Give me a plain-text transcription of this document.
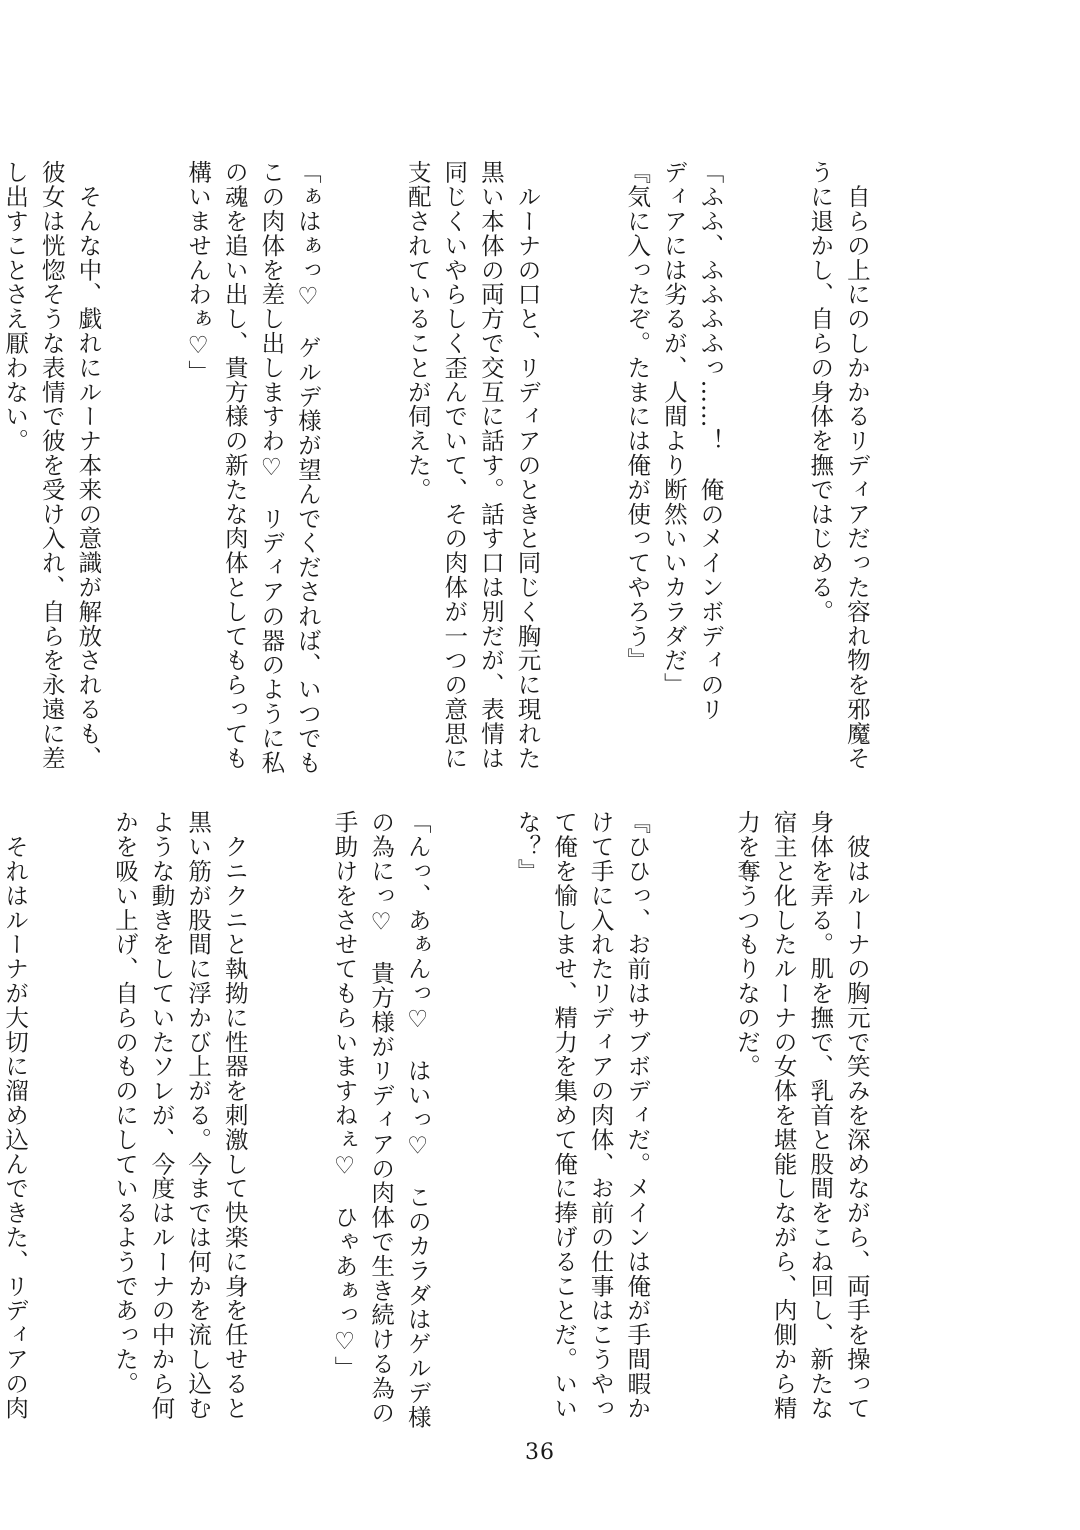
　自らの上にのしかかるリディアだった容れ物を邪魔そ
うに退かし、自らの身体を撫ではじめる。

「ふふ、ふふふふっ……！　俺のメインボディのリ
ディアには劣るが、人間より断然いいカラダだ」
『気に入ったぞ。たまには俺が使ってやろう』

　ルーナの口と、リディアのときと同じく胸元に現れた
黒い本体の両方で交互に話す。話す口は別だが、表情は
同じくいやらしく歪んでいて、その肉体が一つの意思に
支配されていることが伺えた。

「ぁはぁっ♡　ゲルデ様が望んでくだされば、いつでも
この肉体を差し出しますわ♡　リディアの器のように私
の魂を追い出し、貴方様の新たな肉体としてもらっても
構いませんわぁ♡」

　そんな中、戯れにルーナ本来の意識が解放されるも、
彼女は恍惚そうな表情で彼を受け入れ、自らを永遠に差
し出すことさえ厭わない。

　彼はルーナの胸元で笑みを深めながら、両手を操って
身体を弄る。肌を撫で、乳首と股間をこね回し、新たな
宿主と化したルーナの女体を堪能しながら、内側から精
力を奪うつもりなのだ。

『ひひっ、お前はサブボディだ。メインは俺が手間暇か
けて手に入れたリディアの肉体、お前の仕事はこうやっ
て俺を愉しませ、精力を集めて俺に捧げることだ。いい
な？』

「んっ、あぁんっ♡　はいっ♡　このカラダはゲルデ様
の為にっ♡　貴方様がリディアの肉体で生き続ける為の
手助けをさせてもらいますねぇ♡　ひゃあぁっ♡」

　クニクニと執拗に性器を刺激して快楽に身を任せると
黒い筋が股間に浮かび上がる。今までは何かを流し込む
ような動きをしていたソレが、今度はルーナの中から何
かを吸い上げ、自らのものにしているようであった。

　それはルーナが大切に溜め込んできた、リディアの肉

36
